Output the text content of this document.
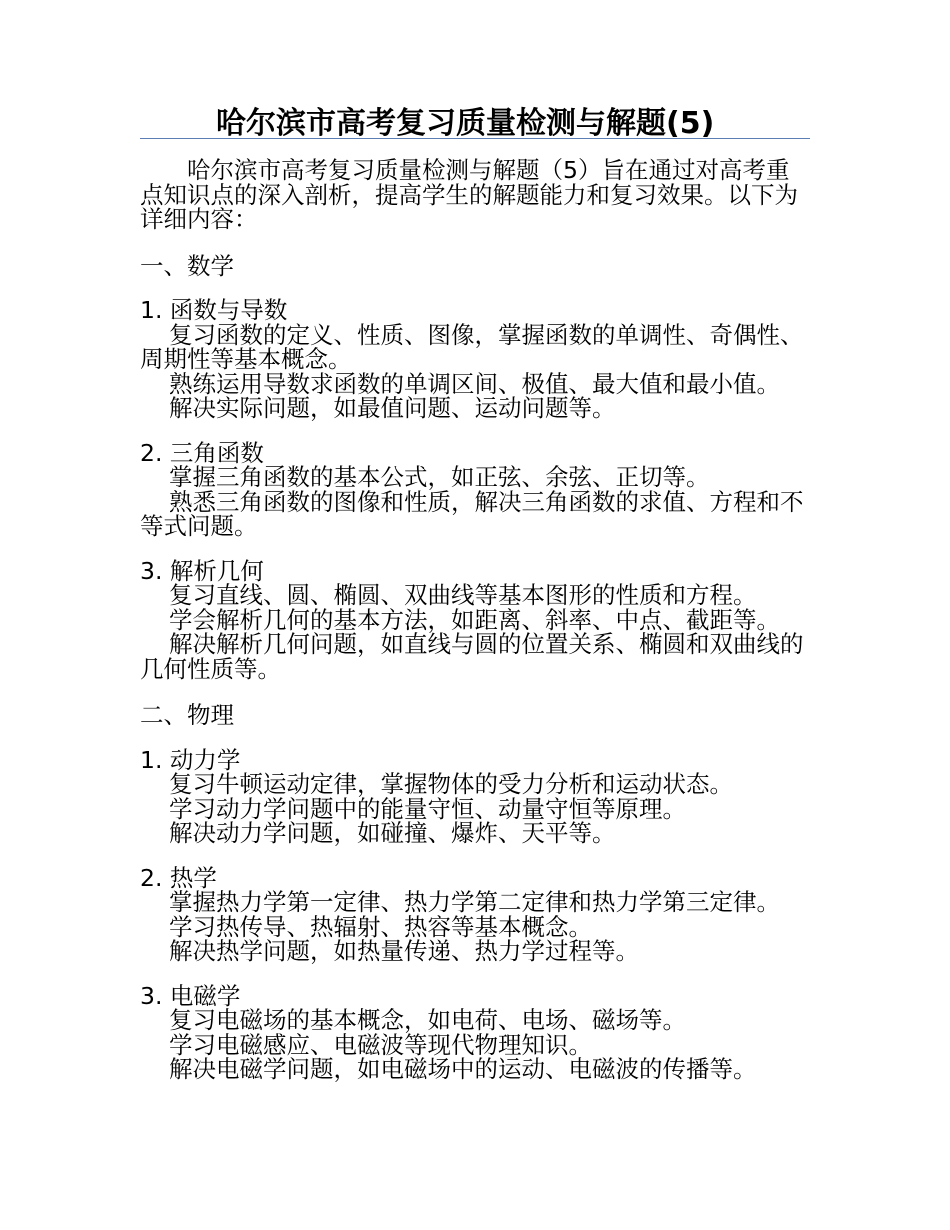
哈尔滨市高考复习质量检测与解题(5)

哈尔滨市高考复习质量检测与解题（5）旨在通过对高考重点知识点的深入剖析，提高学生的解题能力和复习效果。以下为详细内容：

一、数学

1. 函数与导数

复习函数的定义、性质、图像，掌握函数的单调性、奇偶性、周期性等基本概念。

熟练运用导数求函数的单调区间、极值、最大值和最小值。

解决实际问题，如最值问题、运动问题等。

2. 三角函数

掌握三角函数的基本公式，如正弦、余弦、正切等。

熟悉三角函数的图像和性质，解决三角函数的求值、方程和不等式问题。

3. 解析几何

复习直线、圆、椭圆、双曲线等基本图形的性质和方程。

学会解析几何的基本方法，如距离、斜率、中点、截距等。

解决解析几何问题，如直线与圆的位置关系、椭圆和双曲线的几何性质等。

二、物理

1. 动力学

复习牛顿运动定律，掌握物体的受力分析和运动状态。

学习动力学问题中的能量守恒、动量守恒等原理。

解决动力学问题，如碰撞、爆炸、天平等。

2. 热学

掌握热力学第一定律、热力学第二定律和热力学第三定律。

学习热传导、热辐射、热容等基本概念。

解决热学问题，如热量传递、热力学过程等。

3. 电磁学

复习电磁场的基本概念，如电荷、电场、磁场等。

学习电磁感应、电磁波等现代物理知识。

解决电磁学问题，如电磁场中的运动、电磁波的传播等。
